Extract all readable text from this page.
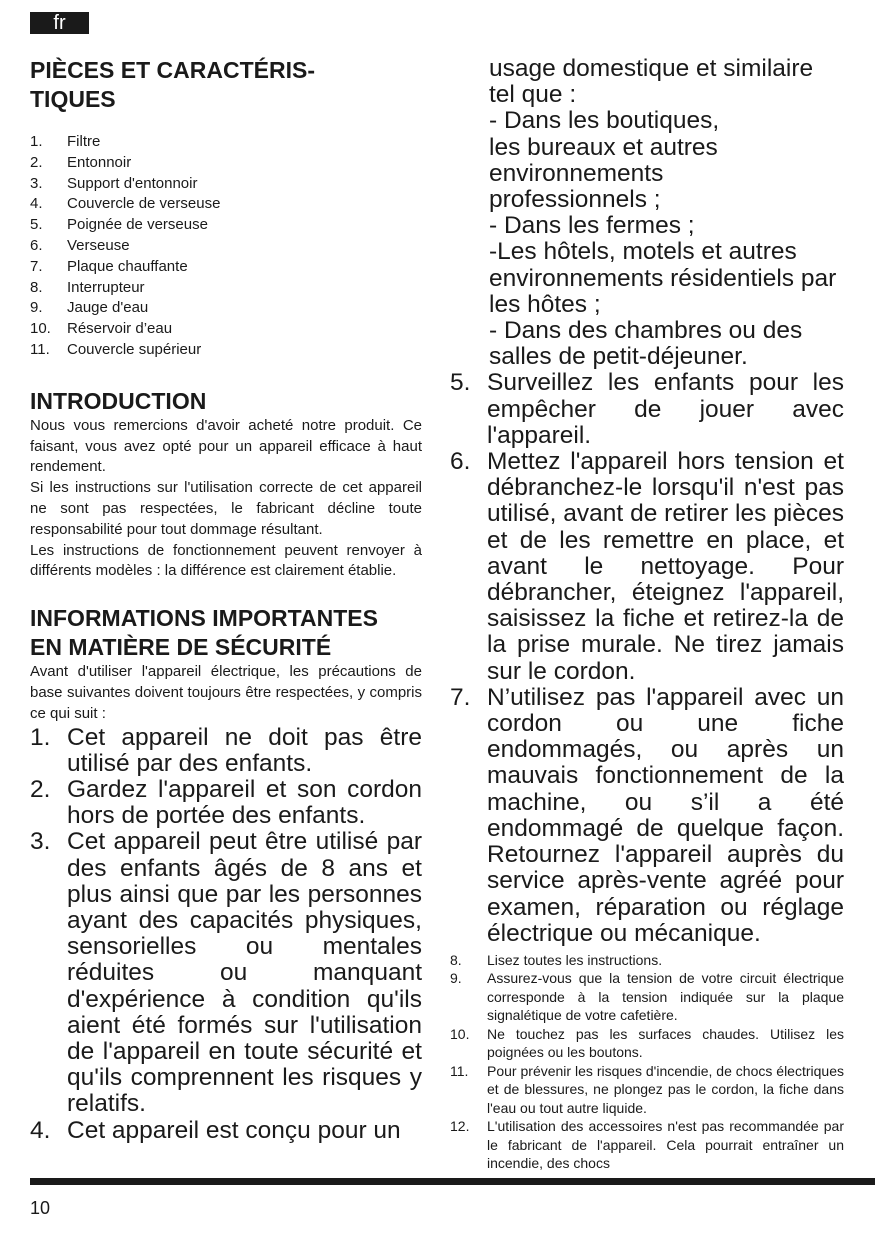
fr
PIÈCES ET CARACTÉRIS-
TIQUES
1.	Filtre
2.	Entonnoir
3.	Support d'entonnoir
4.	Couvercle de verseuse
5.	Poignée de verseuse
6.	Verseuse
7.	Plaque chauffante
8.	Interrupteur
9.	Jauge d'eau
10.	Réservoir d’eau
11.	Couvercle supérieur
INTRODUCTION

Nous vous remercions d'avoir acheté notre produit. Ce faisant, vous avez opté pour un appareil efficace à haut rendement.

Si les instructions sur l'utilisation correcte de cet appareil ne sont pas respectées, le fabricant décline toute responsabilité pour tout dommage résultant.

Les instructions de fonctionnement peuvent renvoyer à différents modèles : la différence est clairement établie.

INFORMATIONS IMPORTANTES
EN MATIÈRE DE SÉCURITÉ

Avant d'utiliser l'appareil électrique, les précautions de base suivantes doivent toujours être respectées, y compris ce qui suit :

1. Cet appareil ne doit pas être utilisé par des enfants.
2. Gardez l'appareil et son cordon hors de portée des enfants.
3. Cet appareil peut être utilisé par des enfants âgés de 8 ans et plus ainsi que par les personnes ayant des capacités physiques, sensorielles ou mentales réduites ou manquant d'expérience à condition qu'ils aient été formés sur l'utilisation de l'appareil en toute sécurité et qu'ils comprennent les risques y relatifs.
4. Cet appareil est conçu pour un

usage domestique et similaire

tel que :

- Dans les boutiques,

les bureaux et autres

environnements

professionnels ;

- Dans les fermes ;

-Les hôtels, motels et autres

environnements résidentiels par

les hôtes ;

- Dans des chambres ou des

salles de petit-déjeuner.

5. Surveillez les enfants pour les empêcher de jouer avec l'appareil.
6. Mettez l'appareil hors tension et débranchez-le lorsqu'il n'est pas utilisé, avant de retirer les pièces et de les remettre en place, et avant le nettoyage. Pour débrancher, éteignez l'appareil, saisissez la fiche et retirez-la de la prise murale. Ne tirez jamais sur le cordon.
7. N’utilisez pas l'appareil avec un cordon ou une fiche endommagés, ou après un mauvais fonctionnement de la machine, ou s’il a été endommagé de quelque façon. Retournez l'appareil auprès du service après-vente agréé pour examen, réparation ou réglage électrique ou mécanique.
8.	Lisez toutes les instructions.
9.	Assurez-vous que la tension de votre circuit électrique corresponde à la tension indiquée sur la plaque signalétique de votre cafetière.
10.	Ne touchez pas les surfaces chaudes. Utilisez les poignées ou les boutons.
11.	Pour prévenir les risques d'incendie, de chocs électriques et de blessures, ne plongez pas le cordon, la fiche dans l'eau ou tout autre liquide.
12.	L'utilisation des accessoires n'est pas recommandée par le fabricant de l'appareil. Cela pourrait entraîner un incendie, des chocs
10
